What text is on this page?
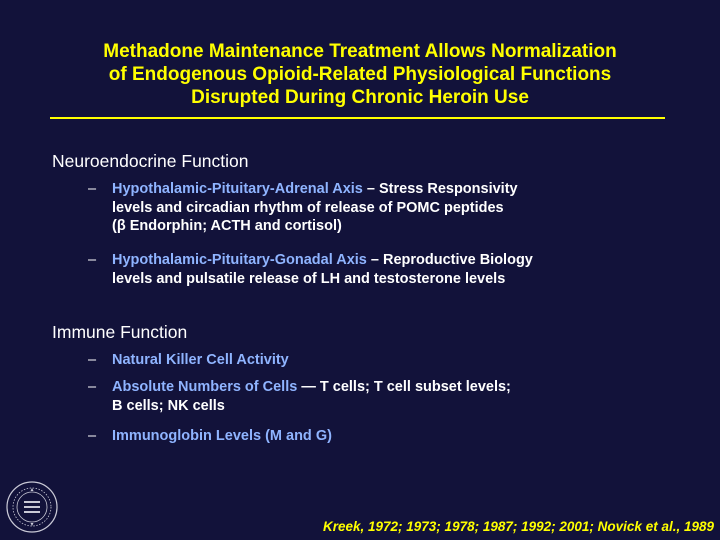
Methadone Maintenance Treatment Allows Normalization
of Endogenous Opioid-Related Physiological Functions
Disrupted During Chronic Heroin Use
Neuroendocrine Function
– Hypothalamic-Pituitary-Adrenal Axis – Stress Responsivity
levels and circadian rhythm of release of POMC peptides
(β Endorphin; ACTH and cortisol)
– Hypothalamic-Pituitary-Gonadal Axis – Reproductive Biology
levels and pulsatile release of LH and testosterone levels
Immune Function
– Natural Killer Cell Activity
– Absolute Numbers of Cells — T cells; T cell subset levels;
B cells; NK cells
– Immunoglobin Levels (M and G)
Kreek, 1972; 1973; 1978; 1987; 1992; 2001; Novick et al., 1989
